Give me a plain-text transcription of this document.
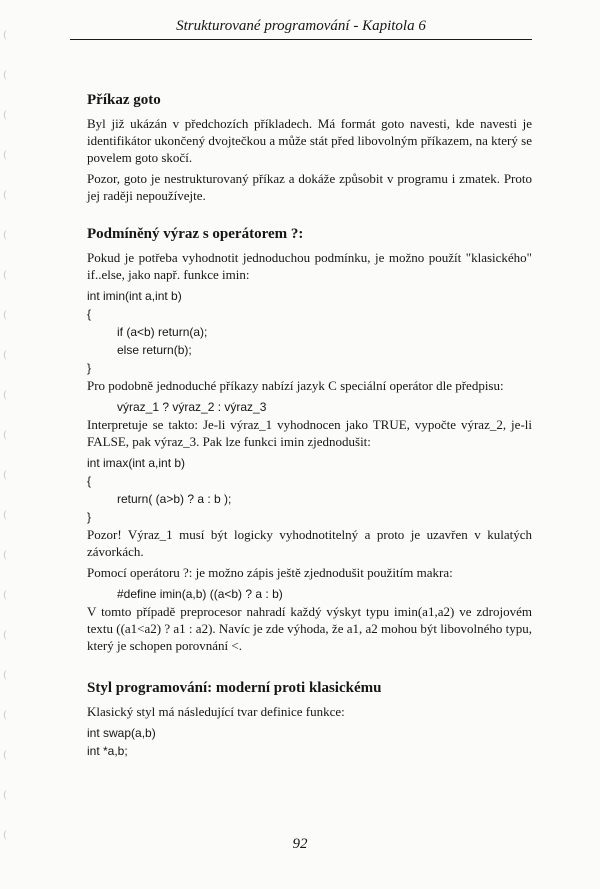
(
(
(
(
(
(
(
(
(
(
(
(
(
(
(
(
(
(
(
(
(
Strukturované programování - Kapitola 6
Příkaz goto

Byl již ukázán v předchozích příkladech. Má formát goto navesti, kde navesti je identifikátor ukončený dvojtečkou a může stát před libovolným příkazem, na který se povelem goto skočí.

Pozor, goto je nestrukturovaný příkaz a dokáže způsobit v programu i zmatek. Proto jej raději nepoužívejte.

Podmíněný výraz s operátorem ?:

Pokud je potřeba vyhodnotit jednoduchou podmínku, je možno použít "klasického" if..else, jako např. funkce imin:

int imin(int a,int b)
{
if (a<b) return(a);
else return(b);
}

Pro podobně jednoduché příkazy nabízí jazyk C speciální operátor dle předpisu:

výraz_1 ? výraz_2 : výraz_3

Interpretuje se takto: Je-li výraz_1 vyhodnocen jako TRUE, vypočte výraz_2, je-li FALSE, pak výraz_3. Pak lze funkci imin zjednodušit:

int imax(int a,int b)
{
return( (a>b) ? a : b );
}

Pozor! Výraz_1 musí být logicky vyhodnotitelný a proto je uzavřen v kulatých závorkách.

Pomocí operátoru ?: je možno zápis ještě zjednodušit použitím makra:

#define imin(a,b) ((a<b) ? a : b)

V tomto případě preprocesor nahradí každý výskyt typu imin(a1,a2) ve zdrojovém textu ((a1<a2) ? a1 : a2). Navíc je zde výhoda, že a1, a2 mohou být libovolného typu, který je schopen porovnání <.

Styl programování: moderní proti klasickému

Klasický styl má následující tvar definice funkce:

int swap(a,b)
int *a,b;
92
